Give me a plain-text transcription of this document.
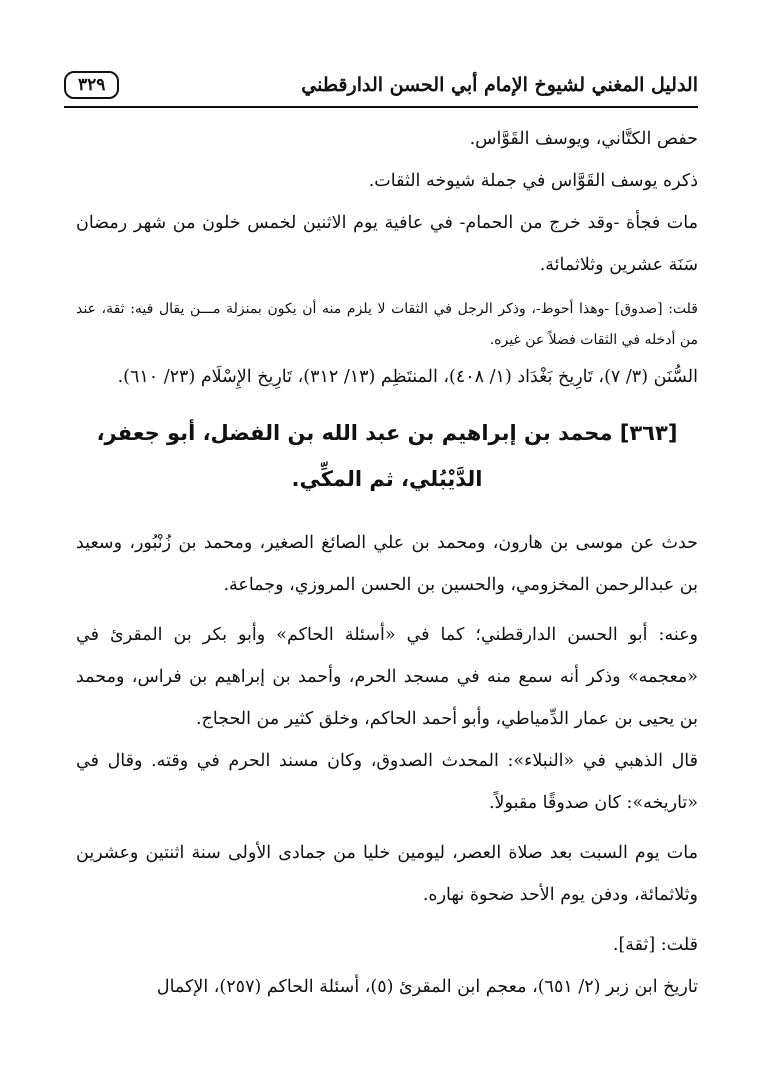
الدليل المغني لشيوخ الإمام أبي الحسن الدارقطني
٣٢٩

حفص الكتَّاني، ويوسف القَوَّاس.

ذكره يوسف القَوَّاس في جملة شيوخه الثقات.

مات فجأة -وقد خرج من الحمام- في عافية يوم الاثنين لخمس خلون من شهر رمضان سَنَة عشرين وثلاثمائة.

قلت: [صدوق] -وهذا أحوط-، وذكر الرجل في الثقات لا يلزم منه أن يكون بمنزلة مـــن يقال فيه: ثقة، عند من أدخله في الثقات فضلاً عن غيره.

السُّنَن (٣/ ٧)، تَارِيخ بَغْدَاد (١/ ٤٠٨)، المنتَظِم (١٣/ ٣١٢)، تَارِيخ الإِسْلَام (٢٣/ ٦١٠).

[٣٦٣] محمد بن إبراهيم بن عبد الله بن الفضل، أبو جعفر، الدَّيْبُلي، ثم المكِّي.

حدث عن موسى بن هارون، ومحمد بن علي الصائغ الصغير، ومحمد بن زُنْبُور، وسعيد بن عبدالرحمن المخزومي، والحسين بن الحسن المروزي، وجماعة.

وعنه: أبو الحسن الدارقطني؛ كما في «أسئلة الحاكم» وأبو بكر بن المقرئ في «معجمه» وذكر أنه سمع منه في مسجد الحرم، وأحمد بن إبراهيم بن فراس، ومحمد بن يحيى بن عمار الدِّمياطي، وأبو أحمد الحاكم، وخلق كثير من الحجاج.

قال الذهبي في «النبلاء»: المحدث الصدوق، وكان مسند الحرم في وقته. وقال في «تاريخه»: كان صدوقًا مقبولاً.

مات يوم السبت بعد صلاة العصر، ليومين خليا من جمادى الأولى سنة اثنتين وعشرين وثلاثمائة، ودفن يوم الأحد ضحوة نهاره.

قلت: [ثقة].

تاريخ ابن زبر (٢/ ٦٥١)، معجم ابن المقرئ (٥)، أسئلة الحاكم (٢٥٧)، الإكمال
